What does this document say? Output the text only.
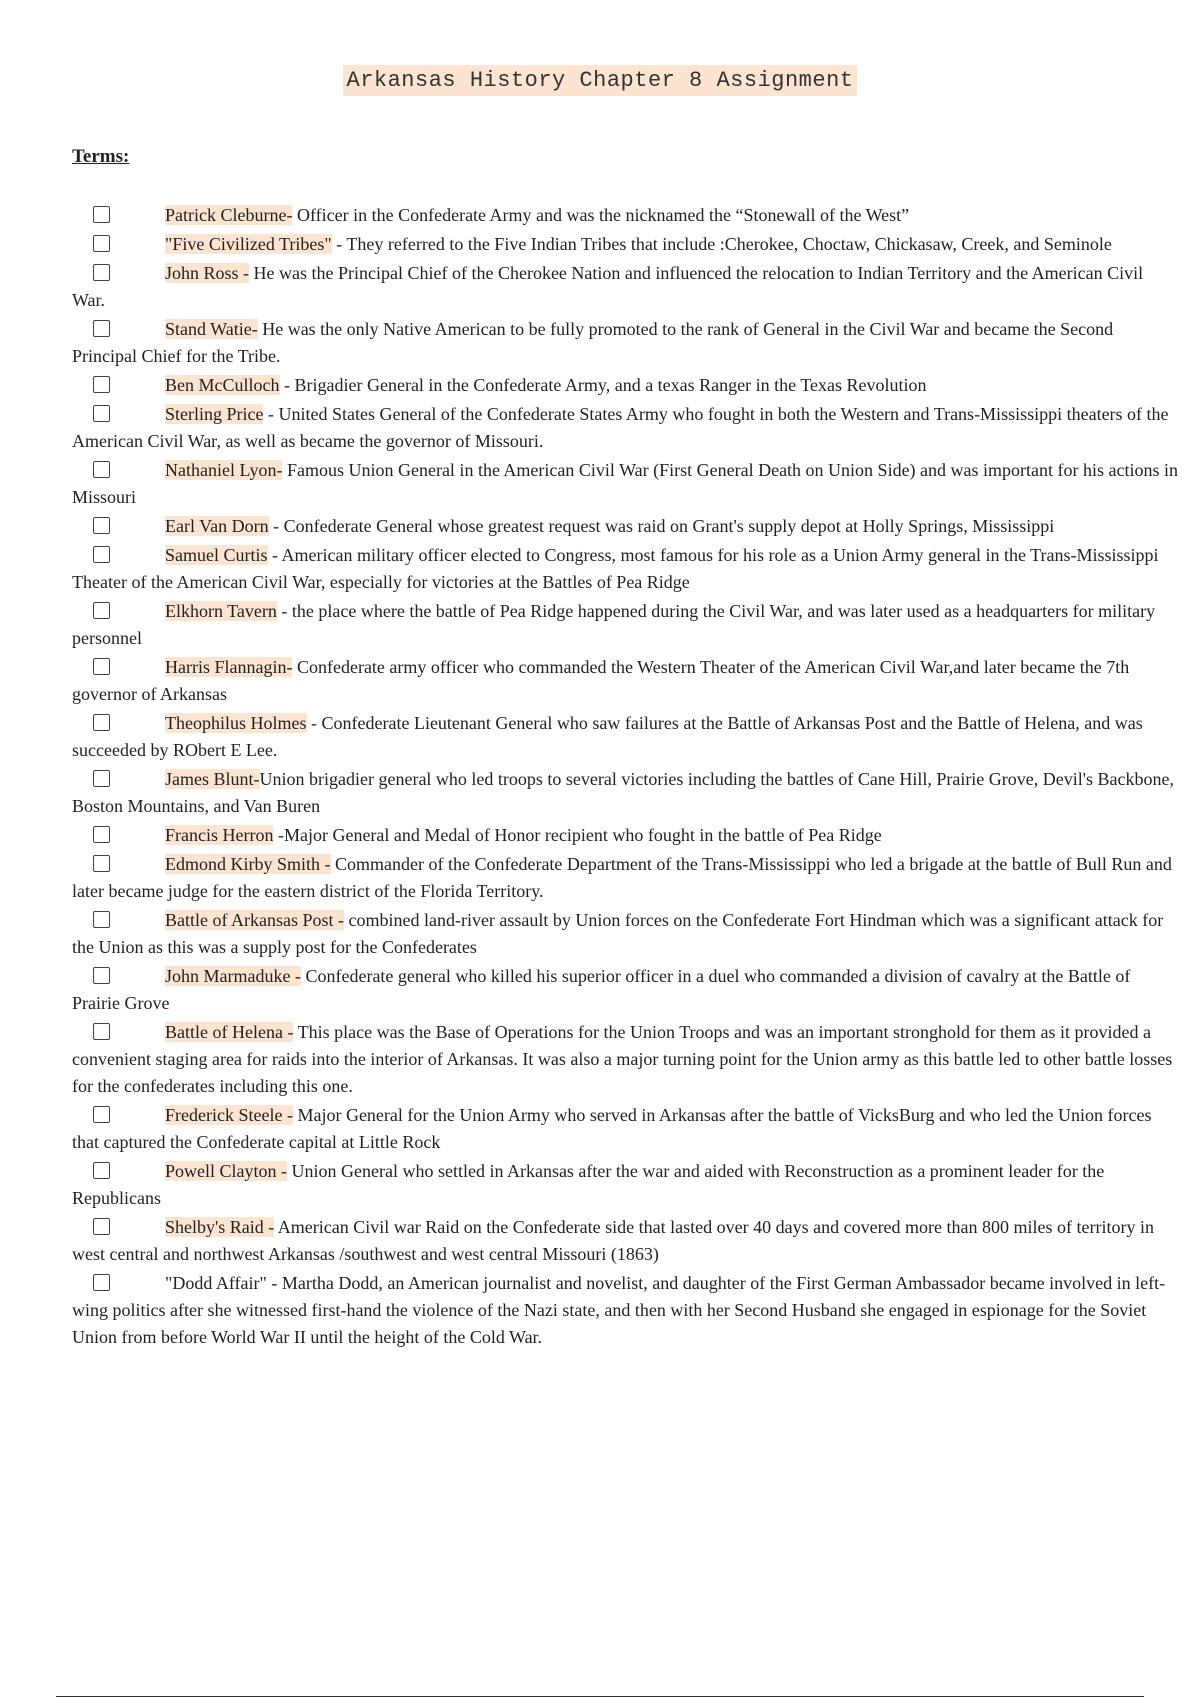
Arkansas History Chapter 8 Assignment
Terms:
Patrick Cleburne- Officer in the Confederate Army and was the nicknamed the “Stonewall of the West”
"Five Civilized Tribes" - They referred to the Five Indian Tribes that include :Cherokee, Choctaw, Chickasaw, Creek, and Seminole
John Ross - He was the Principal Chief of the Cherokee Nation and influenced the relocation to Indian Territory and the American Civil War.
Stand Watie- He was the only Native American to be fully promoted to the rank of General in the Civil War and became the Second Principal Chief for the Tribe.
Ben McCulloch - Brigadier General in the Confederate Army, and a texas Ranger in the Texas Revolution
Sterling Price - United States General of the Confederate States Army who fought in both the Western and Trans-Mississippi theaters of the American Civil War, as well as became the governor of Missouri.
Nathaniel Lyon- Famous Union General in the American Civil War (First General Death on Union Side) and was important for his actions in Missouri
Earl Van Dorn - Confederate General whose greatest request was raid on Grant's supply depot at Holly Springs, Mississippi
Samuel Curtis - American military officer elected to Congress, most famous for his role as a Union Army general in the Trans-Mississippi Theater of the American Civil War, especially for victories at the Battles of Pea Ridge
Elkhorn Tavern - the place where the battle of Pea Ridge happened during the Civil War, and was later used as a headquarters for military personnel
Harris Flannagin- Confederate army officer who commanded the Western Theater of the American Civil War,and later became the 7th governor of Arkansas
Theophilus Holmes - Confederate Lieutenant General who saw failures at the Battle of Arkansas Post and the Battle of Helena, and was succeeded by RObert E Lee.
James Blunt-Union brigadier general who led troops to several victories including the battles of Cane Hill, Prairie Grove, Devil's Backbone, Boston Mountains, and Van Buren
Francis Herron -Major General and Medal of Honor recipient who fought in the battle of Pea Ridge
Edmond Kirby Smith - Commander of the Confederate Department of the Trans-Mississippi who led a brigade at the battle of Bull Run and later became judge for the eastern district of the Florida Territory.
Battle of Arkansas Post - combined land-river assault by Union forces on the Confederate Fort Hindman which was a significant attack for the Union as this was a supply post for the Confederates
John Marmaduke - Confederate general who killed his superior officer in a duel who commanded a division of cavalry at the Battle of Prairie Grove
Battle of Helena - This place was the Base of Operations for the Union Troops and was an important stronghold for them as it provided a convenient staging area for raids into the interior of Arkansas. It was also a major turning point for the Union army as this battle led to other battle losses for the confederates including this one.
Frederick Steele - Major General for the Union Army who served in Arkansas after the battle of VicksBurg and who led the Union forces that captured the Confederate capital at Little Rock
Powell Clayton - Union General who settled in Arkansas after the war and aided with Reconstruction as a prominent leader for the Republicans
Shelby's Raid - American Civil war Raid on the Confederate side that lasted over 40 days and covered more than 800 miles of territory in west central and northwest Arkansas /southwest and west central Missouri (1863)
"Dodd Affair" - Martha Dodd, an American journalist and novelist, and daughter of the First German Ambassador became involved in left-wing politics after she witnessed first-hand the violence of the Nazi state, and then with her Second Husband she engaged in espionage for the Soviet Union from before World War II until the height of the Cold War.
